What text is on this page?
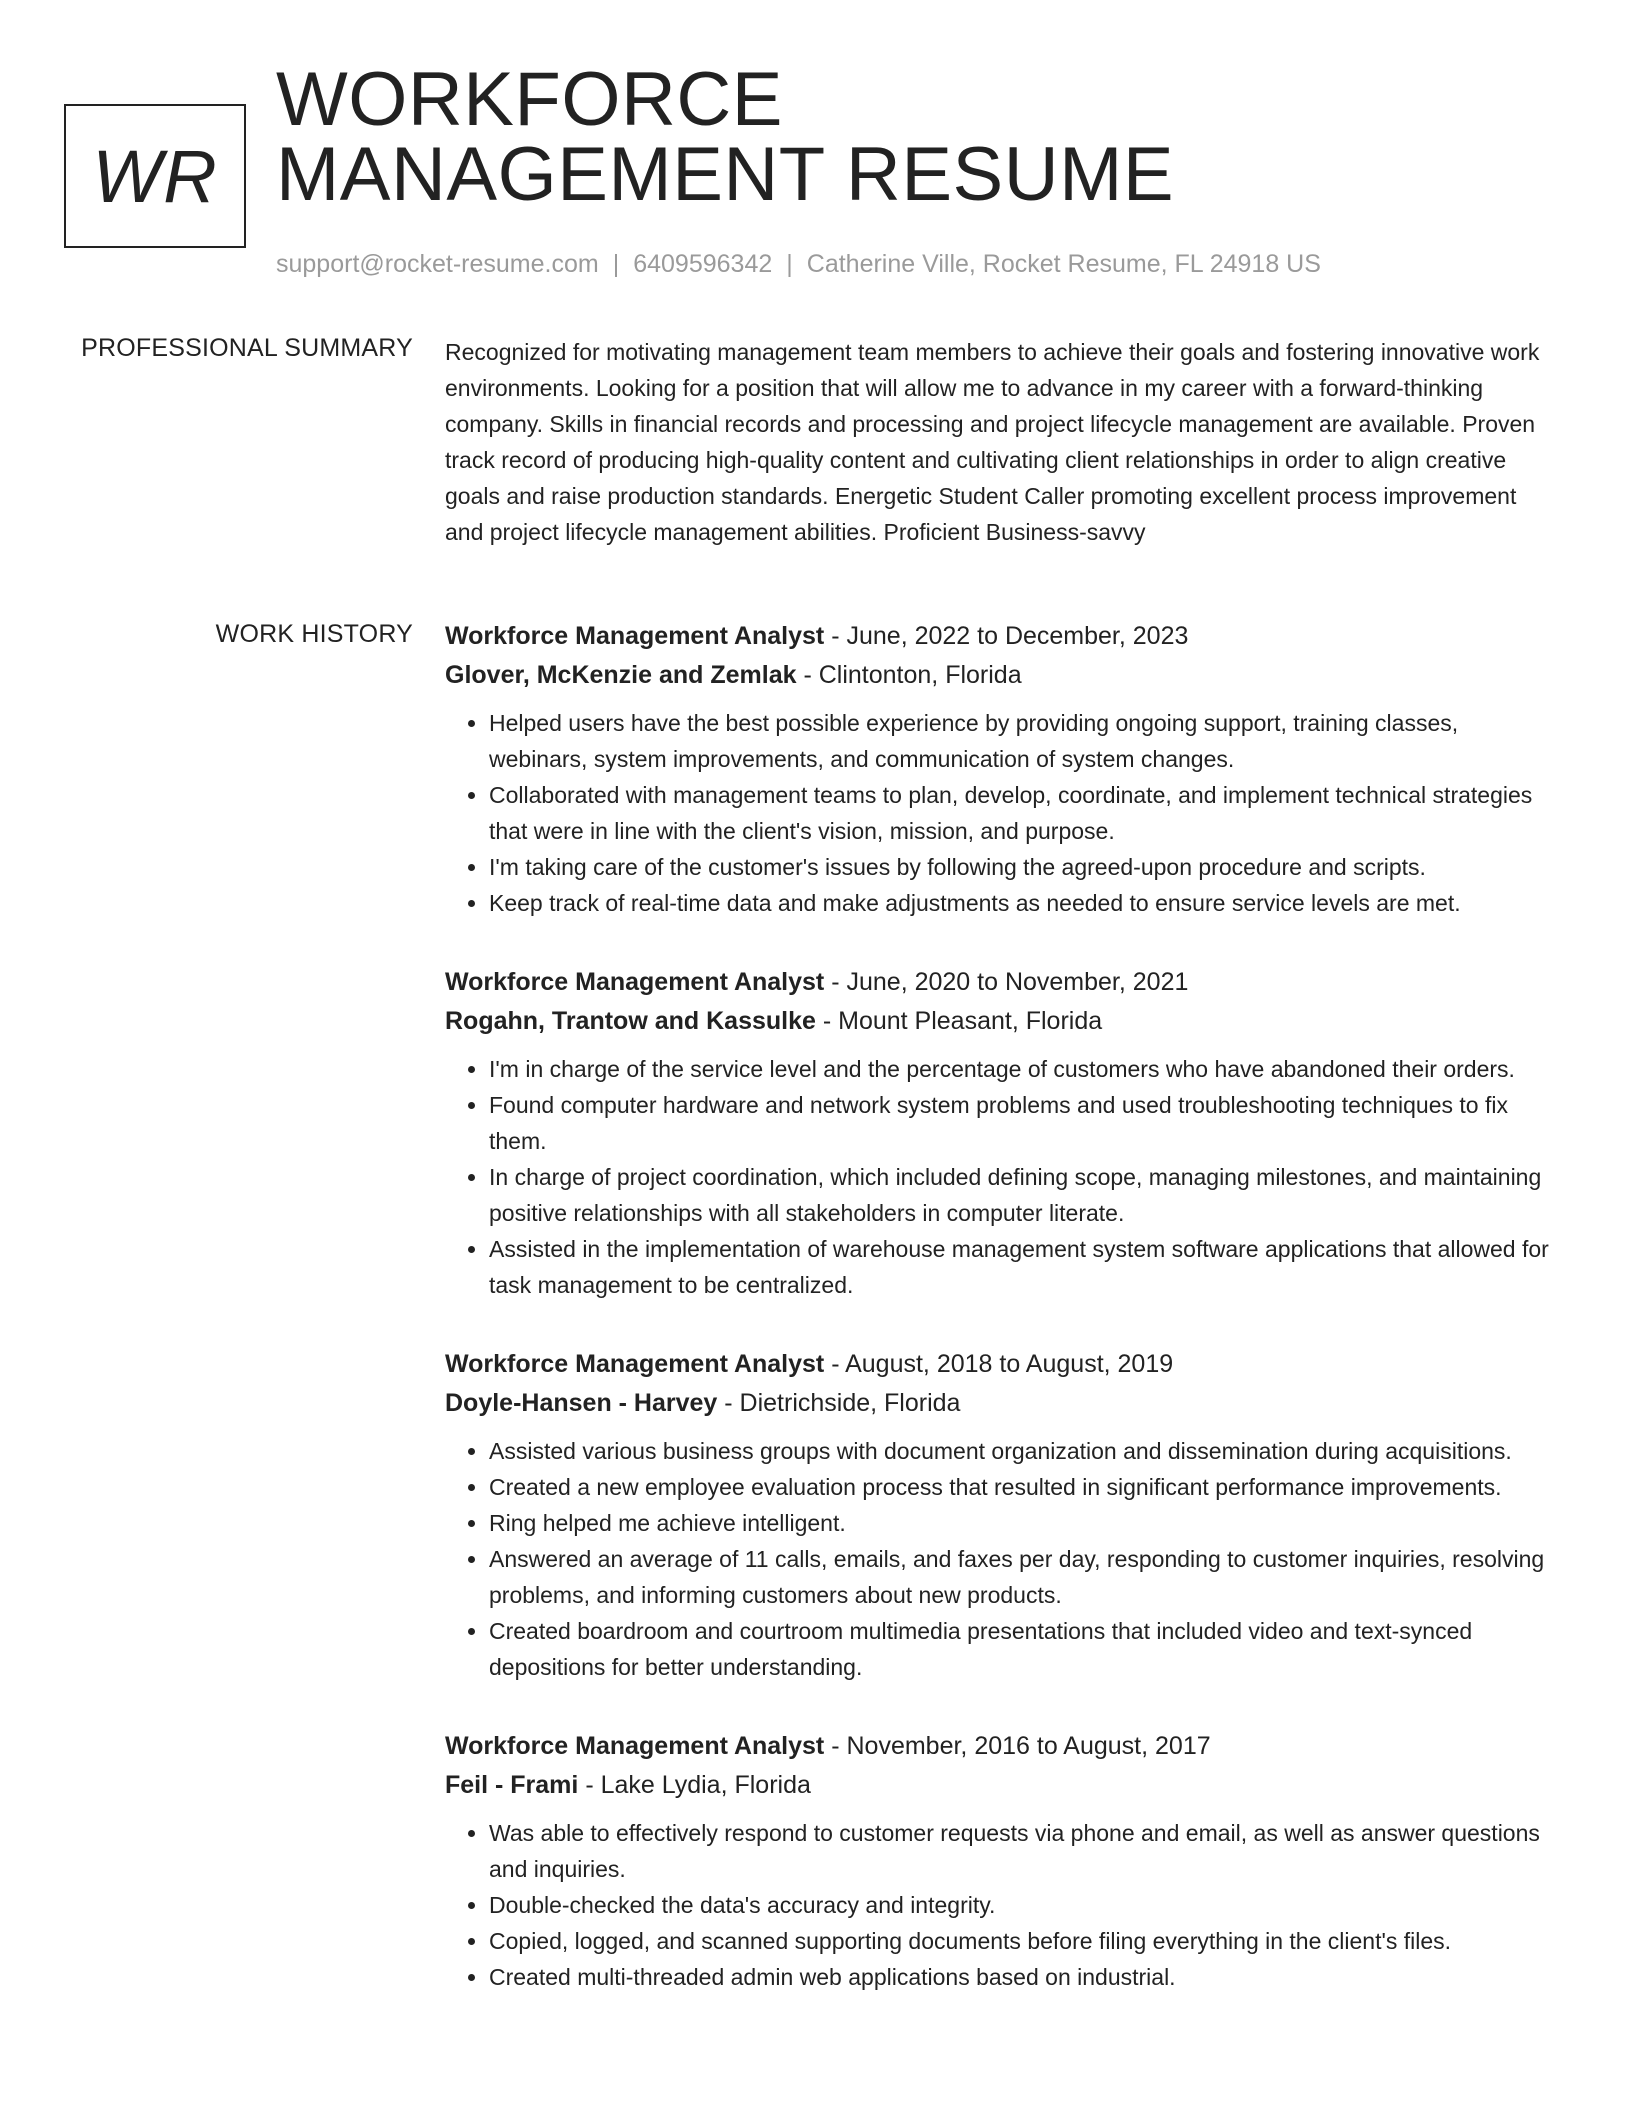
WR
WORKFORCE
MANAGEMENT RESUME
support@rocket-resume.com | 6409596342 | Catherine Ville, Rocket Resume, FL 24918 US
PROFESSIONAL SUMMARY Recognized for motivating management team members to achieve their goals and fostering innovative work environments. Looking for a position that will allow me to advance in my career with a forward-thinking company. Skills in financial records and processing and project lifecycle management are available. Proven track record of producing high-quality content and cultivating client relationships in order to align creative goals and raise production standards. Energetic Student Caller promoting excellent process improvement and project lifecycle management abilities. Proficient Business-savvy

WORK HISTORY Workforce Management Analyst - June, 2022 to December, 2023
Glover, McKenzie and Zemlak - Clintonton, Florida
• Helped users have the best possible experience by providing ongoing support, training classes, webinars, system improvements, and communication of system changes.
• Collaborated with management teams to plan, develop, coordinate, and implement technical strategies that were in line with the client's vision, mission, and purpose.
• I'm taking care of the customer's issues by following the agreed-upon procedure and scripts.
• Keep track of real-time data and make adjustments as needed to ensure service levels are met.
Workforce Management Analyst - June, 2020 to November, 2021
Rogahn, Trantow and Kassulke - Mount Pleasant, Florida
• I'm in charge of the service level and the percentage of customers who have abandoned their orders.
• Found computer hardware and network system problems and used troubleshooting techniques to fix them.
• In charge of project coordination, which included defining scope, managing milestones, and maintaining positive relationships with all stakeholders in computer literate.
• Assisted in the implementation of warehouse management system software applications that allowed for task management to be centralized.
Workforce Management Analyst - August, 2018 to August, 2019
Doyle-Hansen - Harvey - Dietrichside, Florida
• Assisted various business groups with document organization and dissemination during acquisitions.
• Created a new employee evaluation process that resulted in significant performance improvements.
• Ring helped me achieve intelligent.
• Answered an average of 11 calls, emails, and faxes per day, responding to customer inquiries, resolving problems, and informing customers about new products.
• Created boardroom and courtroom multimedia presentations that included video and text-synced depositions for better understanding.
Workforce Management Analyst - November, 2016 to August, 2017
Feil - Frami - Lake Lydia, Florida
• Was able to effectively respond to customer requests via phone and email, as well as answer questions and inquiries.
• Double-checked the data's accuracy and integrity.
• Copied, logged, and scanned supporting documents before filing everything in the client's files.
• Created multi-threaded admin web applications based on industrial.
